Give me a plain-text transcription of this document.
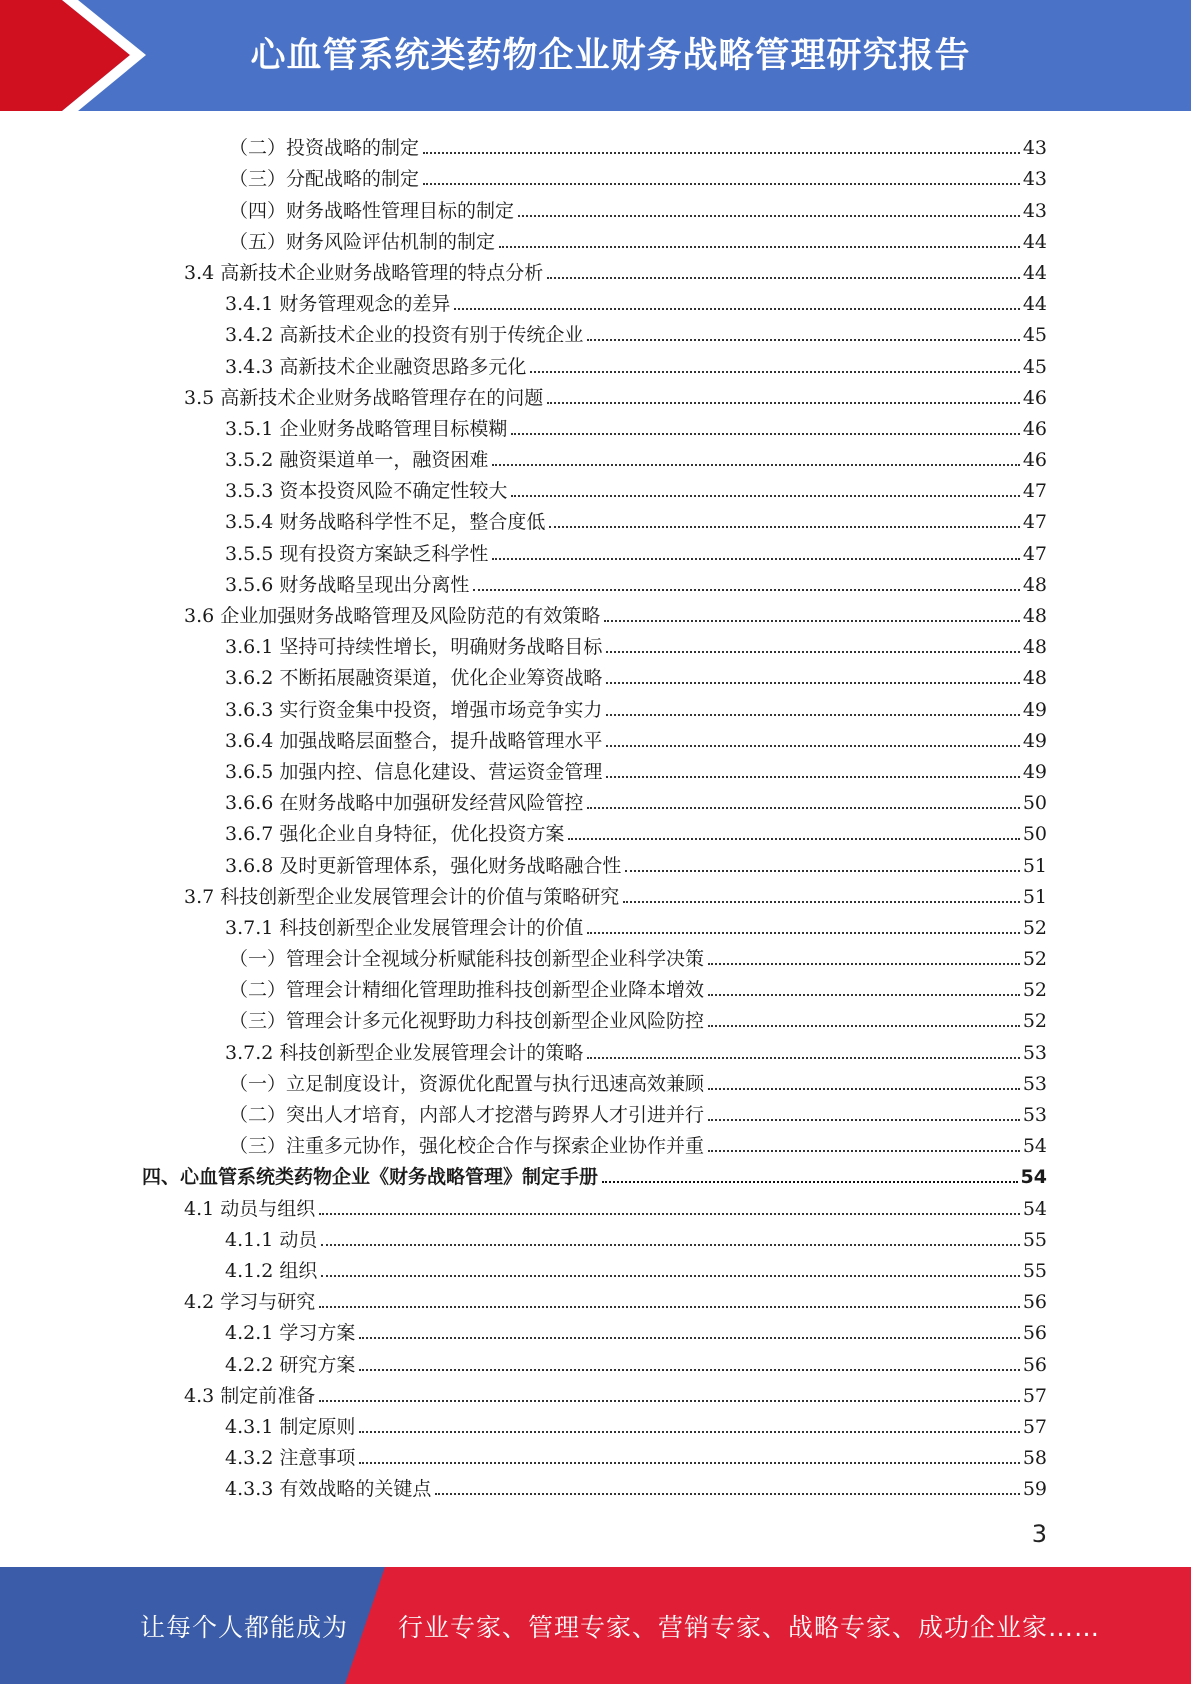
心血管系统类药物企业财务战略管理研究报告
（二）投资战略的制定	43
（三）分配战略的制定	43
（四）财务战略性管理目标的制定	43
（五）财务风险评估机制的制定	44
3.4 高新技术企业财务战略管理的特点分析	44
3.4.1 财务管理观念的差异	44
3.4.2 高新技术企业的投资有别于传统企业	45
3.4.3 高新技术企业融资思路多元化	45
3.5 高新技术企业财务战略管理存在的问题	46
3.5.1 企业财务战略管理目标模糊	46
3.5.2 融资渠道单一，融资困难	46
3.5.3 资本投资风险不确定性较大	47
3.5.4 财务战略科学性不足，整合度低	47
3.5.5 现有投资方案缺乏科学性	47
3.5.6 财务战略呈现出分离性	48
3.6 企业加强财务战略管理及风险防范的有效策略	48
3.6.1 坚持可持续性增长，明确财务战略目标	48
3.6.2 不断拓展融资渠道，优化企业筹资战略	48
3.6.3 实行资金集中投资，增强市场竞争实力	49
3.6.4 加强战略层面整合，提升战略管理水平	49
3.6.5 加强内控、信息化建设、营运资金管理	49
3.6.6 在财务战略中加强研发经营风险管控	50
3.6.7 强化企业自身特征，优化投资方案	50
3.6.8 及时更新管理体系，强化财务战略融合性	51
3.7 科技创新型企业发展管理会计的价值与策略研究	51
3.7.1 科技创新型企业发展管理会计的价值	52
（一）管理会计全视域分析赋能科技创新型企业科学决策	52
（二）管理会计精细化管理助推科技创新型企业降本增效	52
（三）管理会计多元化视野助力科技创新型企业风险防控	52
3.7.2 科技创新型企业发展管理会计的策略	53
（一）立足制度设计，资源优化配置与执行迅速高效兼顾	53
（二）突出人才培育，内部人才挖潜与跨界人才引进并行	53
（三）注重多元协作，强化校企合作与探索企业协作并重	54
四、心血管系统类药物企业《财务战略管理》制定手册	54
4.1 动员与组织	54
4.1.1 动员	55
4.1.2 组织	55
4.2 学习与研究	56
4.2.1 学习方案	56
4.2.2 研究方案	56
4.3 制定前准备	57
4.3.1 制定原则	57
4.3.2 注意事项	58
4.3.3 有效战略的关键点	59
3
让每个人都能成为	行业专家、管理专家、营销专家、战略专家、成功企业家……
